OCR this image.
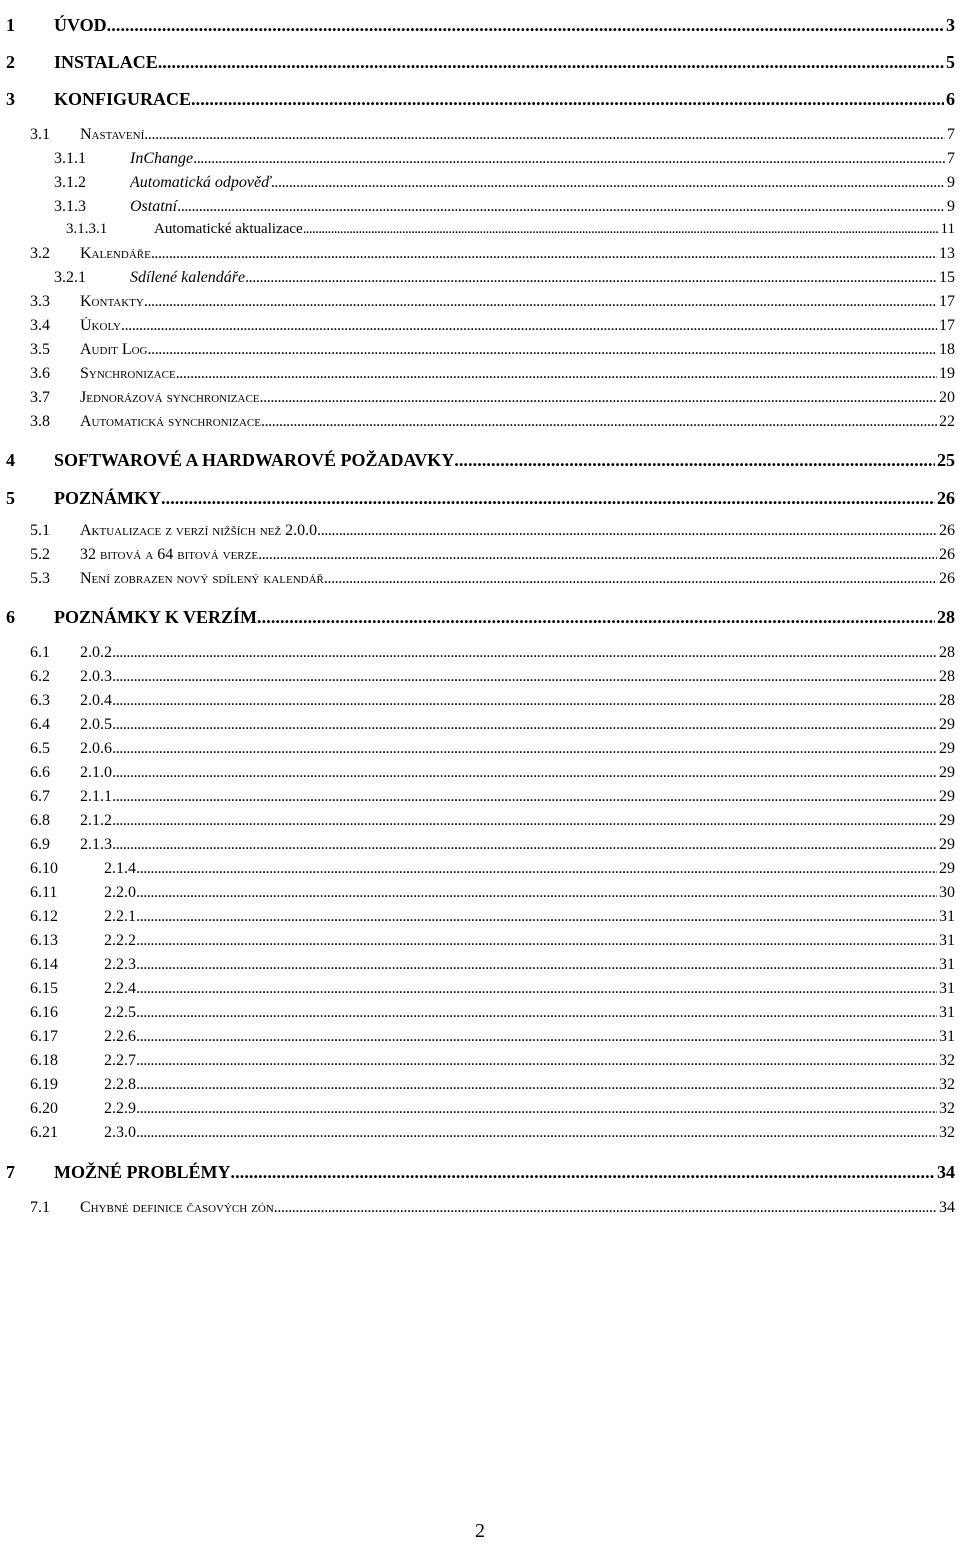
1 ÚVOD . . .	3
2 INSTALACE . . .	5
3 KONFIGURACE . . .	6
3.1 Nastavení . . .	7
3.1.1	InChange . . .	7
3.1.2	Automatická odpověď . . .	9
3.1.3	Ostatní . . .	9
3.1.3.1	Automatické aktualizace . . .	11
3.2 Kalendáře . . .	13
3.2.1	Sdílené kalendáře . . .	15
3.3 Kontakty . . .	17
3.4 Úkoly . . .	17
3.5 Audit Log . . .	18
3.6 Synchronizace . . .	19
3.7 Jednorázová synchronizace . . .	20
3.8 Automatická synchronizace . . .	22
4 SOFTWAROVÉ A HARDWAROVÉ POŽADAVKY . . .	25
5 POZNÁMKY . . .	26
5.1 Aktualizace z verzí nižších než 2.0.0 . . .	26
5.2 32 bitová a 64 bitová verze . . .	26
5.3 Není zobrazen nový sdílený kalendář . . .	26
6 POZNÁMKY K VERZÍM . . .	28
6.1 2.0.2 . . .	28
6.2 2.0.3 . . .	28
6.3 2.0.4 . . .	28
6.4 2.0.5 . . .	29
6.5 2.0.6 . . .	29
6.6 2.1.0 . . .	29
6.7 2.1.1 . . .	29
6.8 2.1.2 . . .	29
6.9 2.1.3 . . .	29
6.10	2.1.4 . . .	29
6.11	2.2.0 . . .	30
6.12	2.2.1 . . .	31
6.13	2.2.2 . . .	31
6.14	2.2.3 . . .	31
6.15	2.2.4 . . .	31
6.16	2.2.5 . . .	31
6.17	2.2.6 . . .	31
6.18	2.2.7 . . .	32
6.19	2.2.8 . . .	32
6.20	2.2.9 . . .	32
6.21	2.3.0 . . .	32
7 MOŽNÉ PROBLÉMY . . .	34
7.1 Chybné definice časových zón . . .	34
2
